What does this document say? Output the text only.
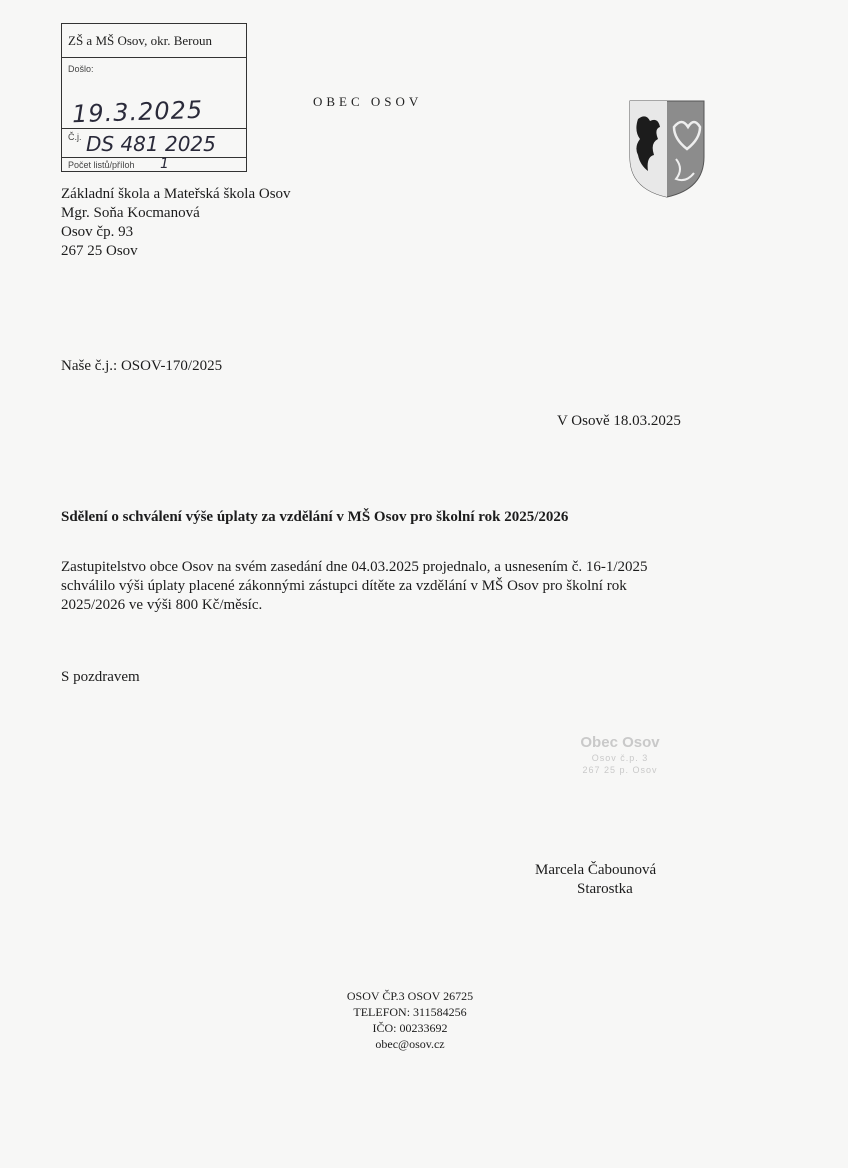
ZŠ a MŠ Osov, okr. Beroun
Došlo:
19.3.2025
Č.j. DS 481 2025
Počet listů/příloh 1
OBEC OSOV
Základní škola a Mateřská škola Osov
Mgr. Soňa Kocmanová
Osov čp. 93
267 25 Osov
Naše č.j.: OSOV-170/2025
V Osově 18.03.2025
Sdělení o schválení výše úplaty za vzdělání v MŠ Osov pro školní rok 2025/2026
Zastupitelstvo obce Osov na svém zasedání dne 04.03.2025 projednalo, a usnesením č. 16-1/2025
schválilo výši úplaty placené zákonnými zástupci dítěte za vzdělání v MŠ Osov pro školní rok
2025/2026 ve výši 800 Kč/měsíc.
S pozdravem
Obec Osov
Osov č.p. 3
267 25 p. Osov
Marcela Čabounová
Starostka
OSOV ČP.3 OSOV 26725
TELEFON: 311584256
IČO: 00233692
obec@osov.cz
